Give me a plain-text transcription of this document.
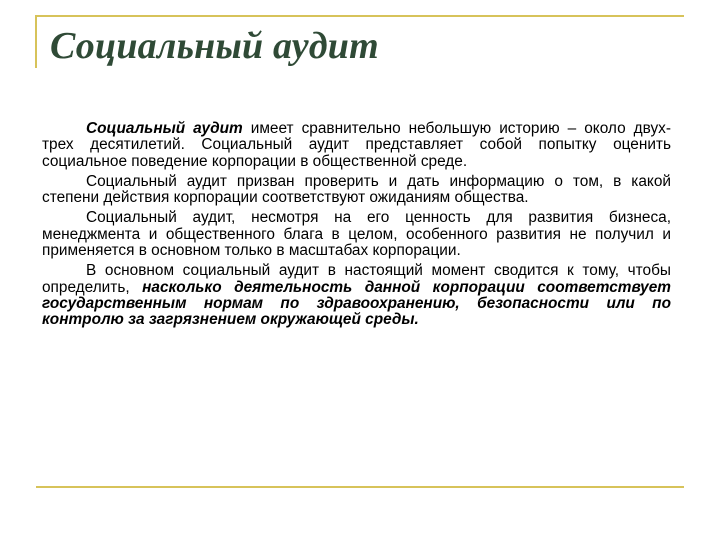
Социальный аудит

Социальный аудит имеет сравнительно небольшую историю – около двух-трех десятилетий. Социальный аудит представляет собой попытку оценить социальное поведение корпорации в общественной среде.

Социальный аудит призван проверить и дать информацию о том, в какой степени действия корпорации соответствуют ожиданиям общества.

Социальный аудит, несмотря на его ценность для развития бизнеса, менеджмента и общественного блага в целом, особенного развития не получил и применяется в основном только в масштабах корпорации.

В основном социальный аудит в настоящий момент сводится к тому, чтобы определить, насколько деятельность данной корпорации соответствует государственным нормам по здравоохранению, безопасности или по контролю за загрязнением окружающей среды.
